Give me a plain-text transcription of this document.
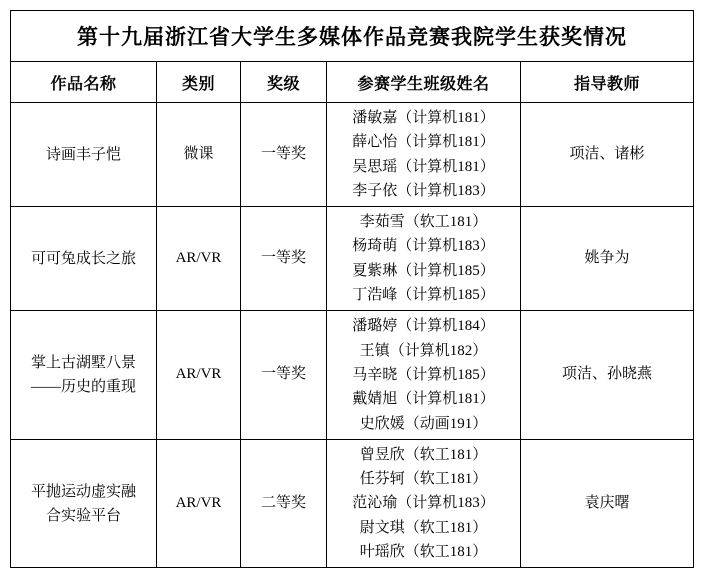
第十九届浙江省大学生多媒体作品竞赛我院学生获奖情况				
作品名称	类别	奖级	参赛学生班级姓名	指导教师

诗画丰子恺	微课	一等奖	潘敏嘉（计算机181）
薛心怡（计算机181）
吴思瑶（计算机181）
李子依（计算机183）	项洁、诸彬

可可兔成长之旅	AR/VR	一等奖	李茹雪（软工181）
杨琦萌（计算机183）
夏紫琳（计算机185）
丁浩峰（计算机185）	姚争为

掌上古湖墅八景
——历史的重现	AR/VR	一等奖	潘璐婷（计算机184）
王镇（计算机182）
马辛晓（计算机185）
戴婧旭（计算机181）
史欣媛（动画191）	项洁、孙晓燕

平抛运动虚实融
合实验平台	AR/VR	二等奖	曾昱欣（软工181）
任芬轲（软工181）
范沁瑜（计算机183）
尉文琪（软工181）
叶瑶欣（软工181）	袁庆曙
